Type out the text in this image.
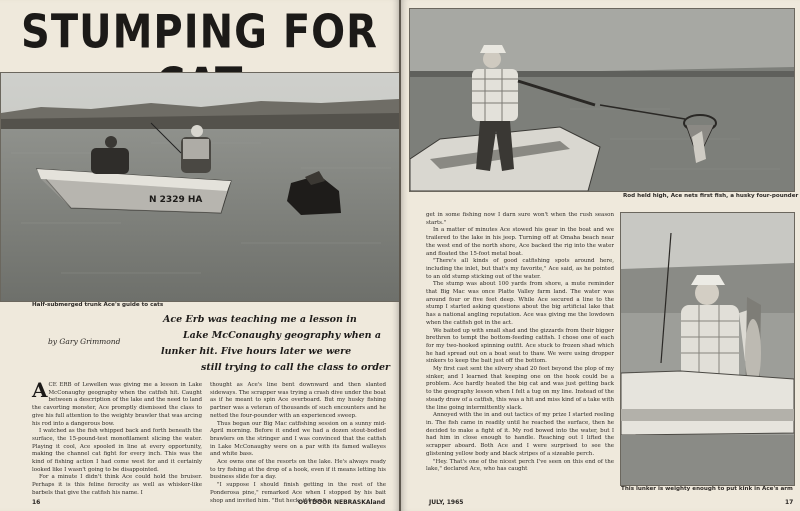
STUMPING FOR
N 2329 HA
Half-submerged trunk Ace's guide to cats
Ace Erb was teaching me a lesson in
Lake McConaughy geography when a
lunker hit. Five hours later we were
still trying to call the class to order
by Gary Grimmond

ACE ERB of Lewellen was giving me a lesson in Lake McConaughy geography when the catfish hit. Caught between a description of the lake and the need to land the cavorting monster, Ace promptly dismissed the class to give his full attention to the weighty brawler that was arcing his rod into a dangerous bow.

I watched as the fish whipped back and forth beneath the surface, the 15-pound-test monofilament slicing the water. Playing it cool, Ace spooled in line at every opportunity, making the channel cat fight for every inch. This was the kind of fishing action I had come west for and it certainly looked like I wasn't going to be disappointed.

For a minute I didn't think Ace could hold the bruiser. Perhaps it is this feline ferocity as well as whisker-like barbels that give the catfish his name. I

thought as Ace's line bent downward and then slanted sideways. The scrapper was trying a crash dive under the boat as if he meant to spin Ace overboard. But my husky fishing partner was a veteran of thousands of such encounters and he netted the four-pounder with an experienced sweep.

Thus began our Big Mac catfishing session on a sunny mid-April morning. Before it ended we had a dozen stout-bodied brawlers on the stringer and I was convinced that the catfish in Lake McConaughy were on a par with its famed walleyes and white bass.

Ace owns one of the resorts on the lake. He's always ready to try fishing at the drop of a hook, even if it means letting his business slide for a day.

"I suppose I should finish getting in the rest of the Ponderosa pine," remarked Ace when I stopped by his bait shop and invited him. "But heck, if I don't

16	OUTDOOR NEBRASKAland
Rod held high, Ace nets first fish, a husky four-pounder

get in some fishing now I darn sure won't when the rush season starts."

In a matter of minutes Ace stowed his gear in the boat and we trailered to the lake in his jeep. Turning off at Omaha beach near the west end of the north shore, Ace backed the rig into the water and floated the 15-foot metal boat.

"There's all kinds of good catfishing spots around here, including the inlet, but that's my favorite," Ace said, as he pointed to an old stump sticking out of the water.

The stump was about 100 yards from shore, a mute reminder that Big Mac was once Platte Valley farm land. The water was around four or five feet deep. While Ace secured a line to the stump I started asking questions about the big artificial lake that has a national angling reputation. Ace was giving me the lowdown when the catfish got in the act.

We baited up with small shad and the gizzards from their bigger brethren to tempt the bottom-feeding catfish. I chose one of each for my two-hooked spinning outfit. Ace stuck to frozen shad which he had spread out on a boat seat to thaw. We were using dropper sinkers to keep the bait just off the bottom.

My first cast sent the silvery shad 20 feet beyond the plop of my sinker, and I learned that keeping one on the hook could be a problem. Ace hardly heated the big cat and was just getting back to the geography lesson when I felt a tug on my line. Instead of the steady draw of a catfish, this was a hit and miss kind of a take with the line going intermittently slack.

Annoyed with the in and out tactics of my prize I started reeling in. The fish came in readily until he reached the surface, then he decided to make a fight of it. My rod bowed into the water, but I had him in close enough to handle. Reaching out I lifted the scrapper aboard. Both Ace and I were surprised to see the glistening yellow body and black stripes of a sizeable perch.

"Hey. That's one of the nicest perch I've seen on this end of the lake," declared Ace, who has caught

This lunker is weighty enough to put kink in Ace's arm
JULY, 1965	17
